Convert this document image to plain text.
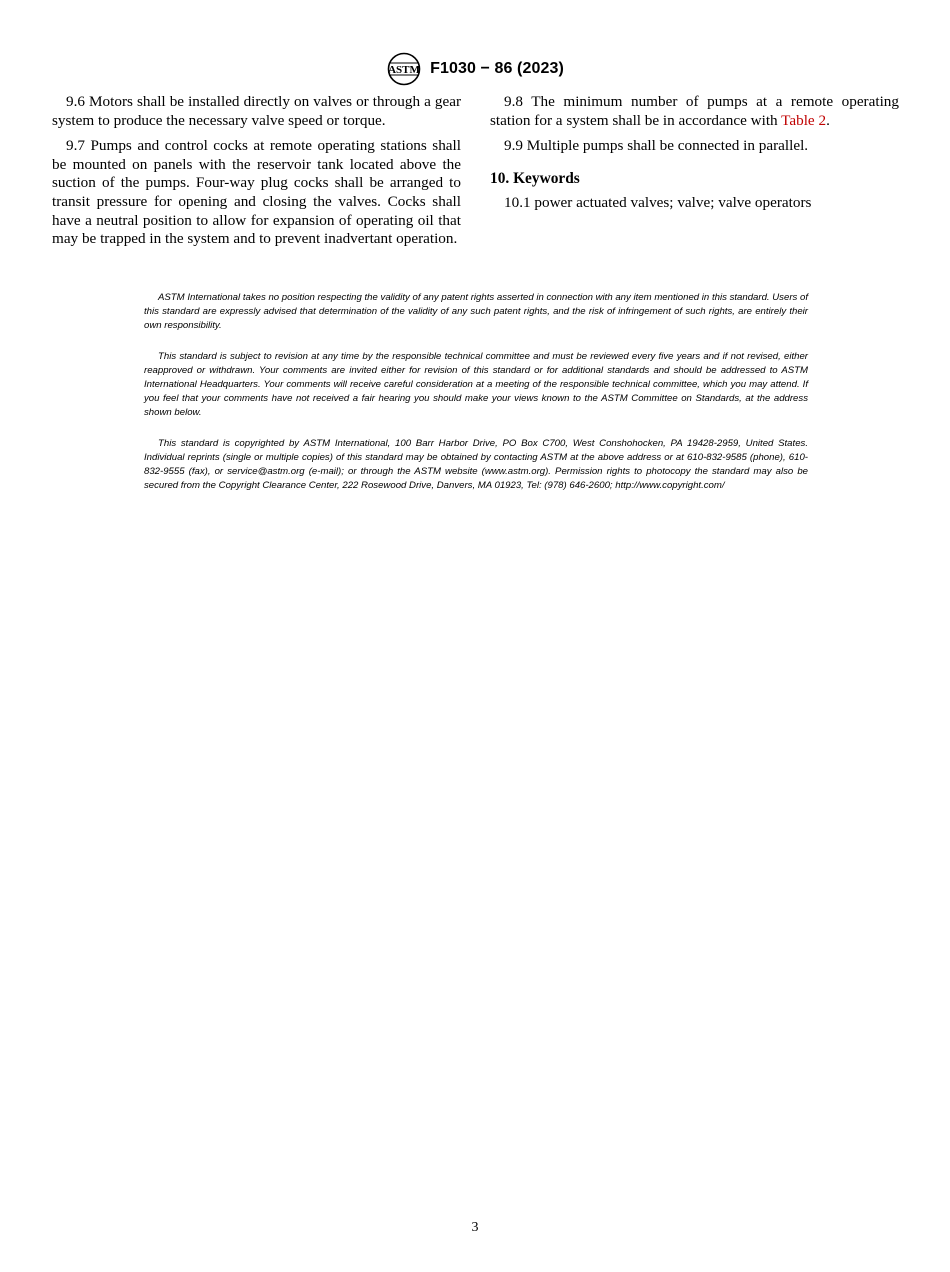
ASTM F1030 − 86 (2023)

9.6 Motors shall be installed directly on valves or through a gear system to produce the necessary valve speed or torque.

9.7 Pumps and control cocks at remote operating stations shall be mounted on panels with the reservoir tank located above the suction of the pumps. Four-way plug cocks shall be arranged to transit pressure for opening and closing the valves. Cocks shall have a neutral position to allow for expansion of operating oil that may be trapped in the system and to prevent inadvertant operation.

9.8 The minimum number of pumps at a remote operating station for a system shall be in accordance with Table 2.

9.9 Multiple pumps shall be connected in parallel.

10. Keywords

10.1 power actuated valves; valve; valve operators

ASTM International takes no position respecting the validity of any patent rights asserted in connection with any item mentioned in this standard. Users of this standard are expressly advised that determination of the validity of any such patent rights, and the risk of infringement of such rights, are entirely their own responsibility.

This standard is subject to revision at any time by the responsible technical committee and must be reviewed every five years and if not revised, either reapproved or withdrawn. Your comments are invited either for revision of this standard or for additional standards and should be addressed to ASTM International Headquarters. Your comments will receive careful consideration at a meeting of the responsible technical committee, which you may attend. If you feel that your comments have not received a fair hearing you should make your views known to the ASTM Committee on Standards, at the address shown below.

This standard is copyrighted by ASTM International, 100 Barr Harbor Drive, PO Box C700, West Conshohocken, PA 19428-2959, United States. Individual reprints (single or multiple copies) of this standard may be obtained by contacting ASTM at the above address or at 610-832-9585 (phone), 610-832-9555 (fax), or service@astm.org (e-mail); or through the ASTM website (www.astm.org). Permission rights to photocopy the standard may also be secured from the Copyright Clearance Center, 222 Rosewood Drive, Danvers, MA 01923, Tel: (978) 646-2600; http://www.copyright.com/

3
